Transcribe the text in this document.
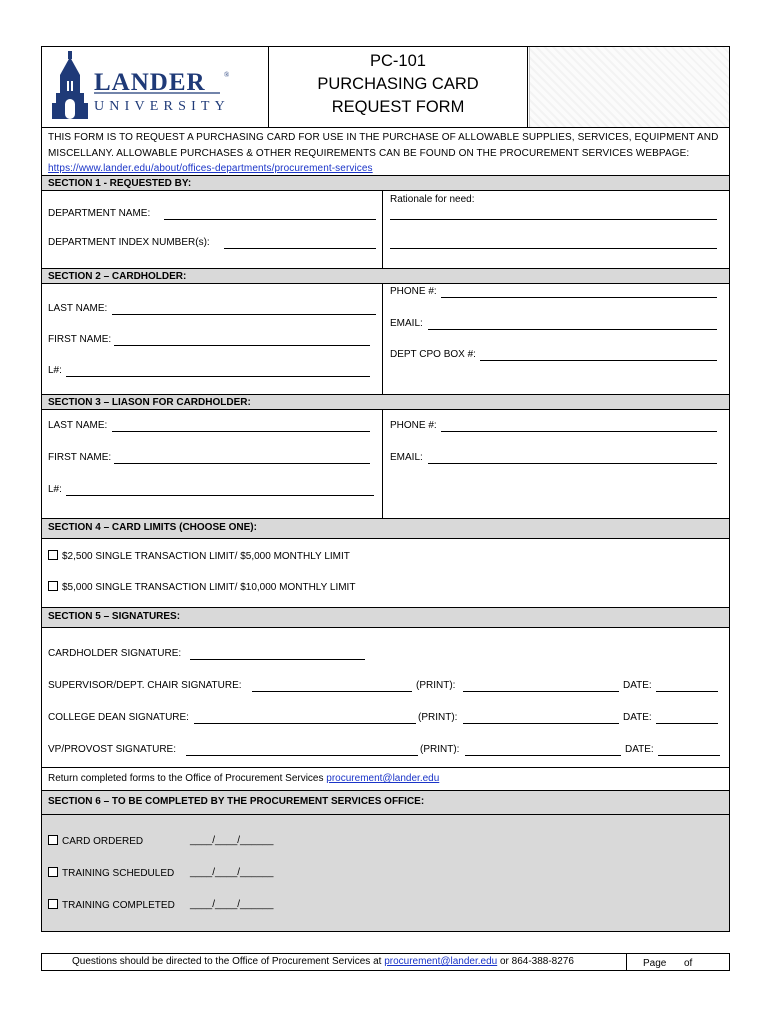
LANDER	®
UNIVERSITY
PC-101
PURCHASING CARD
REQUEST FORM
THIS FORM IS TO REQUEST A PURCHASING CARD FOR USE IN THE PURCHASE OF ALLOWABLE SUPPLIES, SERVICES, EQUIPMENT AND MISCELLANY. ALLOWABLE PURCHASES & OTHER REQUIREMENTS CAN BE FOUND ON THE PROCUREMENT SERVICES WEBPAGE: https://www.lander.edu/about/offices-departments/procurement-services
SECTION 1 - REQUESTED BY:
DEPARTMENT NAME:
DEPARTMENT INDEX NUMBER(s):
Rationale for need:
SECTION 2 – CARDHOLDER:
LAST NAME:
FIRST NAME:
L#:
PHONE #:
EMAIL:
DEPT CPO BOX #:
SECTION 3 – LIASON FOR CARDHOLDER:
LAST NAME:
FIRST NAME:
L#:
PHONE #:
EMAIL:
SECTION 4 – CARD LIMITS (CHOOSE ONE):
$2,500 SINGLE TRANSACTION LIMIT/ $5,000 MONTHLY LIMIT
$5,000 SINGLE TRANSACTION LIMIT/ $10,000 MONTHLY LIMIT
SECTION 5 – SIGNATURES:
CARDHOLDER SIGNATURE:
SUPERVISOR/DEPT. CHAIR SIGNATURE:	(PRINT):	DATE:
COLLEGE DEAN SIGNATURE:	(PRINT):	DATE:
VP/PROVOST SIGNATURE:	(PRINT):	DATE:
Return completed forms to the Office of Procurement Services procurement@lander.edu
SECTION 6 – TO BE COMPLETED BY THE PROCUREMENT SERVICES OFFICE:
CARD ORDERED	____/____/______
TRAINING SCHEDULED ____/____/______
TRAINING COMPLETED ____/____/______
Questions should be directed to the Office of Procurement Services at procurement@lander.edu or 864-388-8276	Page of
